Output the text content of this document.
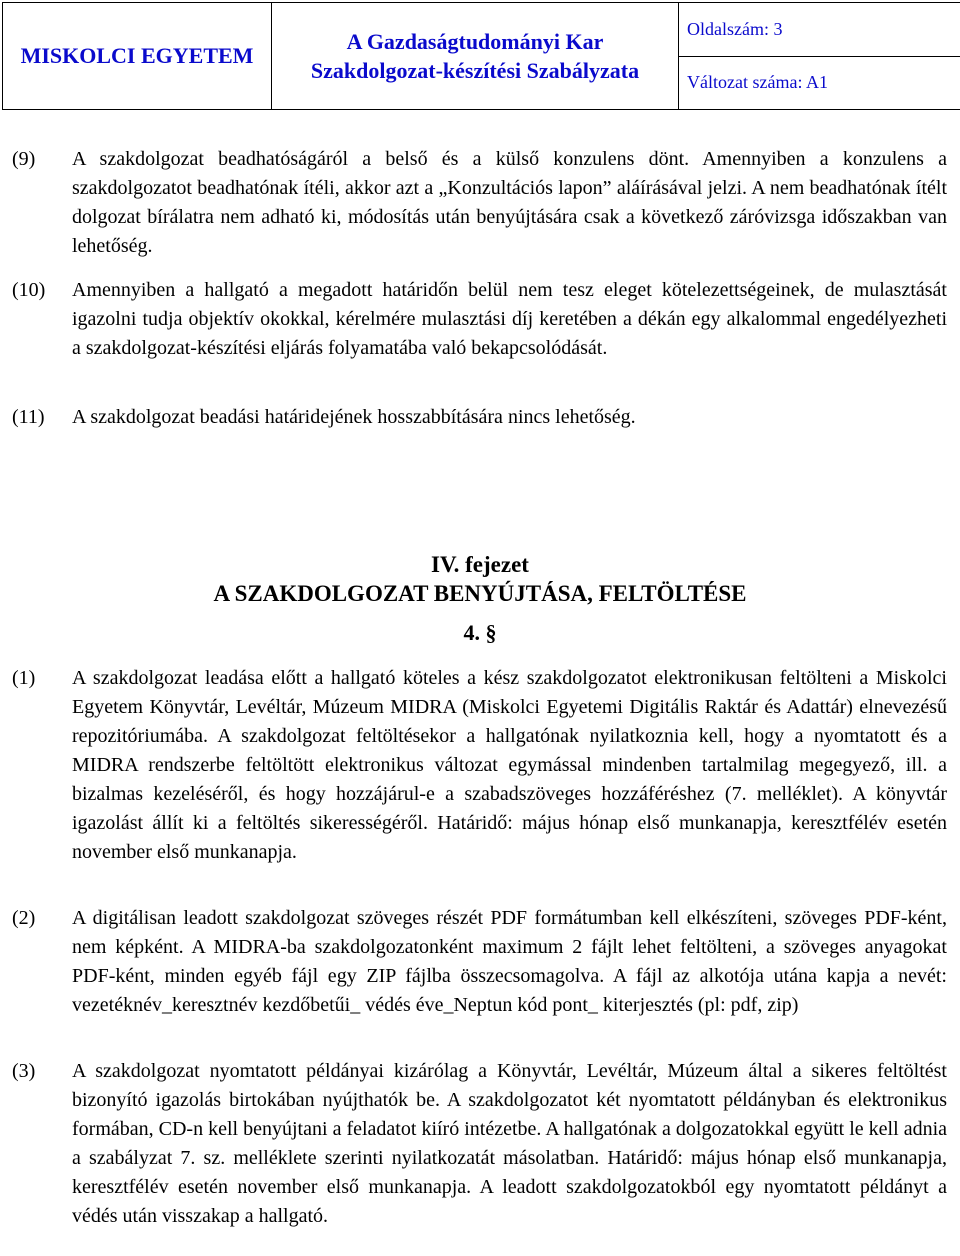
MISKOLCI EGYETEM	
A Gazdaságtudományi Kar
Szakdolgozat-készítési Szabályzata
	Oldalszám: 3
Változat száma: A1
(9) A szakdolgozat beadhatóságáról a belső és a külső konzulens dönt. Amennyiben a konzulens a szakdolgozatot beadhatónak ítéli, akkor azt a „Konzultációs lapon” aláírásával jelzi. A nem beadhatónak ítélt dolgozat bírálatra nem adható ki, módosítás után benyújtására csak a következő záróvizsga időszakban van lehetőség.
(10) Amennyiben a hallgató a megadott határidőn belül nem tesz eleget kötelezettségeinek, de mulasztását igazolni tudja objektív okokkal, kérelmére mulasztási díj keretében a dékán egy alkalommal engedélyezheti a szakdolgozat-készítési eljárás folyamatába való bekapcsolódását.
(11) A szakdolgozat beadási határidejének hosszabbítására nincs lehetőség.
IV. fejezet
A SZAKDOLGOZAT BENYÚJTÁSA, FELTÖLTÉSE
4. §
(1) A szakdolgozat leadása előtt a hallgató köteles a kész szakdolgozatot elektronikusan feltölteni a Miskolci Egyetem Könyvtár, Levéltár, Múzeum MIDRA (Miskolci Egyetemi Digitális Raktár és Adattár) elnevezésű repozitóriumába. A szakdolgozat feltöltésekor a hallgatónak nyilatkoznia kell, hogy a nyomtatott és a MIDRA rendszerbe feltöltött elektronikus változat egymással mindenben tartalmilag megegyező, ill. a bizalmas kezeléséről, és hogy hozzájárul-e a szabadszöveges hozzáféréshez (7. melléklet). A könyvtár igazolást állít ki a feltöltés sikerességéről. Határidő: május hónap első munkanapja, keresztfélév esetén november első munkanapja.
(2) A digitálisan leadott szakdolgozat szöveges részét PDF formátumban kell elkészíteni, szöveges PDF-ként, nem képként. A MIDRA-ba szakdolgozatonként maximum 2 fájlt lehet feltölteni, a szöveges anyagokat PDF-ként, minden egyéb fájl egy ZIP fájlba összecsomagolva. A fájl az alkotója utána kapja a nevét: vezetéknév_keresztnév kezdőbetűi_ védés éve_Neptun kód pont_ kiterjesztés (pl: pdf, zip)
(3) A szakdolgozat nyomtatott példányai kizárólag a Könyvtár, Levéltár, Múzeum által a sikeres feltöltést bizonyító igazolás birtokában nyújthatók be. A szakdolgozatot két nyomtatott példányban és elektronikus formában, CD-n kell benyújtani a feladatot kiíró intézetbe. A hallgatónak a dolgozatokkal együtt le kell adnia a szabályzat 7. sz. melléklete szerinti nyilatkozatát másolatban. Határidő: május hónap első munkanapja, keresztfélév esetén november első munkanapja. A leadott szakdolgozatokból egy nyomtatott példányt a védés után visszakap a hallgató.
